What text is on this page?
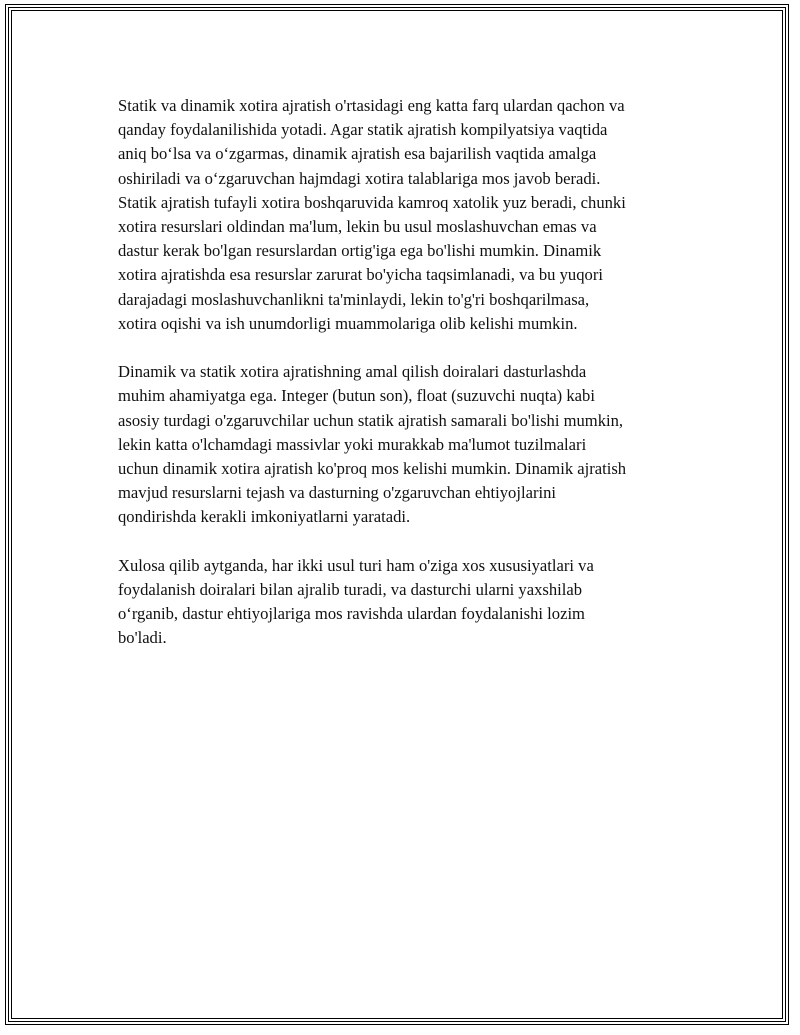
Statik va dinamik xotira ajratish o'rtasidagi eng katta farq ulardan qachon va
qanday foydalanilishida yotadi. Agar statik ajratish kompilyatsiya vaqtida
aniq bo‘lsa va o‘zgarmas, dinamik ajratish esa bajarilish vaqtida amalga
oshiriladi va o‘zgaruvchan hajmdagi xotira talablariga mos javob beradi.
Statik ajratish tufayli xotira boshqaruvida kamroq xatolik yuz beradi, chunki
xotira resurslari oldindan ma'lum, lekin bu usul moslashuvchan emas va
dastur kerak bo'lgan resurslardan ortig'iga ega bo'lishi mumkin. Dinamik
xotira ajratishda esa resurslar zarurat bo'yicha taqsimlanadi, va bu yuqori
darajadagi moslashuvchanlikni ta'minlaydi, lekin to'g'ri boshqarilmasa,
xotira oqishi va ish unumdorligi muammolariga olib kelishi mumkin.

Dinamik va statik xotira ajratishning amal qilish doiralari dasturlashda
muhim ahamiyatga ega. Integer (butun son), float (suzuvchi nuqta) kabi
asosiy turdagi o'zgaruvchilar uchun statik ajratish samarali bo'lishi mumkin,
lekin katta o'lchamdagi massivlar yoki murakkab ma'lumot tuzilmalari
uchun dinamik xotira ajratish ko'proq mos kelishi mumkin. Dinamik ajratish
mavjud resurslarni tejash va dasturning o'zgaruvchan ehtiyojlarini
qondirishda kerakli imkoniyatlarni yaratadi.

Xulosa qilib aytganda, har ikki usul turi ham o'ziga xos xususiyatlari va
foydalanish doiralari bilan ajralib turadi, va dasturchi ularni yaxshilab
o‘rganib, dastur ehtiyojlariga mos ravishda ulardan foydalanishi lozim
bo'ladi.
